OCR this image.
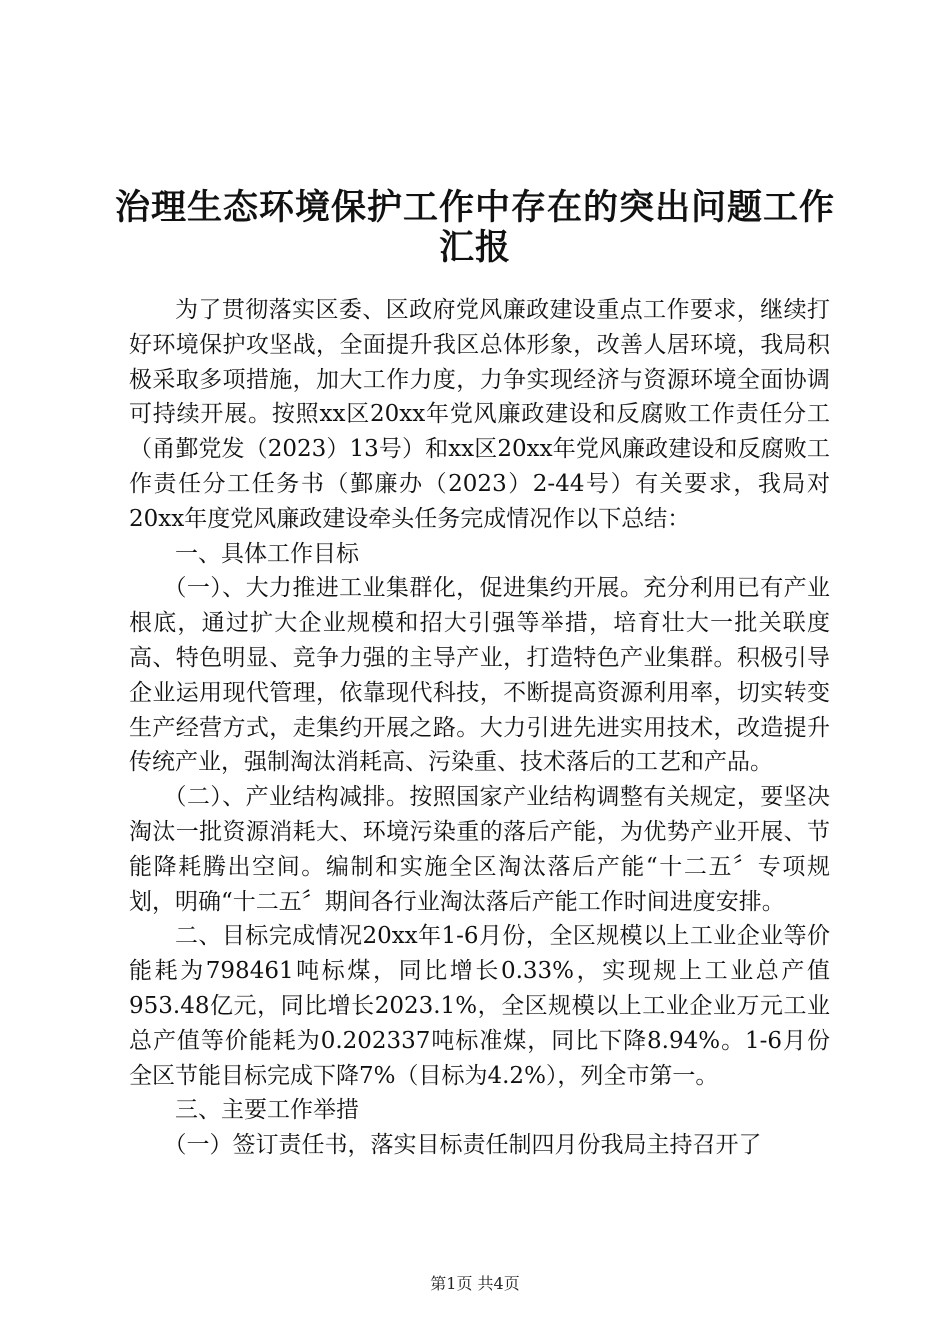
治理生态环境保护工作中存在的突出问题工作
汇报

为了贯彻落实区委、区政府党风廉政建设重点工作要求，继续打好环境保护攻坚战，全面提升我区总体形象，改善人居环境，我局积极采取多项措施，加大工作力度，力争实现经济与资源环境全面协调可持续开展。按照xx区20xx年党风廉政建设和反腐败工作责任分工（甬鄞党发（2023）13号）和xx区20xx年党风廉政建设和反腐败工作责任分工任务书（鄞廉办（2023）2-44号）有关要求，我局对20xx年度党风廉政建设牵头任务完成情况作以下总结：

一、具体工作目标

（一）、大力推进工业集群化，促进集约开展。充分利用已有产业根底，通过扩大企业规模和招大引强等举措，培育壮大一批关联度高、特色明显、竞争力强的主导产业，打造特色产业集群。积极引导企业运用现代管理，依靠现代科技，不断提高资源利用率，切实转变生产经营方式，走集约开展之路。大力引进先进实用技术，改造提升传统产业，强制淘汰消耗高、污染重、技术落后的工艺和产品。

（二）、产业结构减排。按照国家产业结构调整有关规定，要坚决淘汰一批资源消耗大、环境污染重的落后产能，为优势产业开展、节能降耗腾出空间。编制和实施全区淘汰落后产能“十二五〞专项规划，明确“十二五〞期间各行业淘汰落后产能工作时间进度安排。

二、目标完成情况20xx年1-6月份，全区规模以上工业企业等价能耗为798461吨标煤，同比增长0.33%，实现规上工业总产值953.48亿元，同比增长2023.1%，全区规模以上工业企业万元工业总产值等价能耗为0.202337吨标准煤，同比下降8.94%。1-6月份全区节能目标完成下降7%（目标为4.2%），列全市第一。

三、主要工作举措

（一）签订责任书，落实目标责任制四月份我局主持召开了

第1页 共4页
